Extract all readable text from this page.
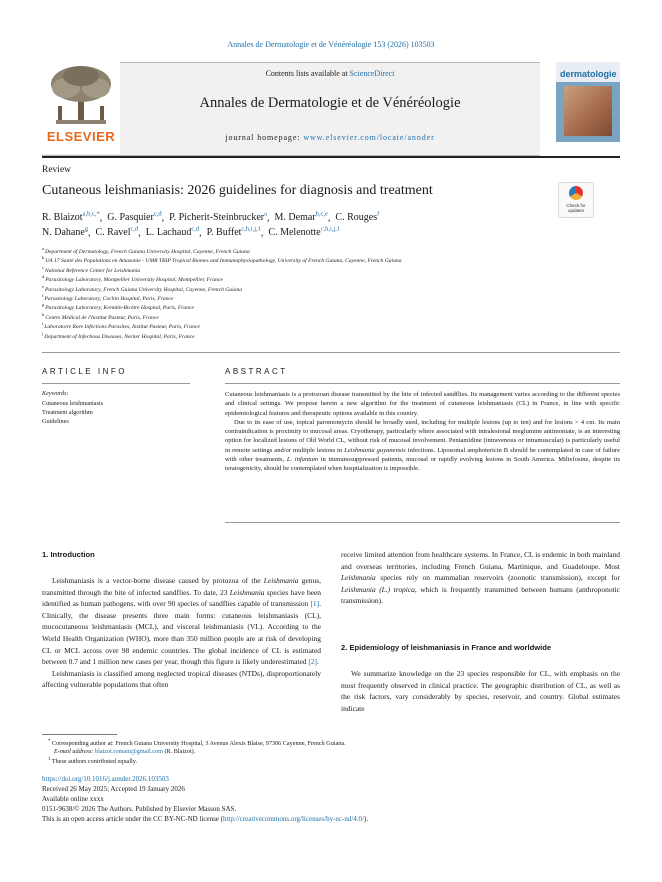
Annales de Dermatologie et de Vénéréologie 153 (2026) 103503
ELSEVIER
Contents lists available at ScienceDirect
Annales de Dermatologie et de Vénéréologie
journal homepage: www.elsevier.com/locate/annder
dermatologie
Review
Cutaneous leishmaniasis: 2026 guidelines for diagnosis and treatment
Check for updates
R. Blaizot$^{a,b,c,*}$,  G. Pasquier$^{c,d}$,  P. Picherit-Steinbrucker$^a$,  M. Demar$^{b,c,e}$,  C. Rouges$^f$
N. Dahane$^g$,  C. Ravel$^{c,d}$,  L. Lachaud$^{c,d}$,  P. Buffet$^{c,h,i,j,1}$,  C. Melenotte$^{c,h,i,j,1}$
$^a$Department of Dermatology, French Guiana University Hospital, Cayenne, French Guiana
$^b$UA 17 Santé des Populations en Amazonie - UMR TBIP Tropical Biomes and Immunophysiopathology, University of French Guiana, Cayenne, French Guiana
$^c$National Reference Center for Leishmania
$^d$Parasitology Laboratory, Montpellier University Hospital, Montpellier, France
$^e$Parasitology Laboratory, French Guiana University Hospital, Cayenne, French Guiana
$^f$Parasitology Laboratory, Cochin Hospital, Paris, France
$^g$Parasitology Laboratory, Kremlin-Bicêtre Hospital, Paris, France
$^h$Centre Médical de l'Institut Pasteur, Paris, France
$^i$Laboratoire Rare Infections Parasites, Institut Pasteur, Paris, France
$^j$Department of Infectious Diseases, Necker Hospital, Paris, France
ARTICLE INFO
Keywords:
Cutaneous leishmaniasis
Treatment algorithm
Guidelines
ABSTRACT

Cutaneous leishmaniasis is a protozoan disease transmitted by the bite of infected sandflies. Its management varies according to the different species and clinical settings. We propose herein a new algorithm for the treatment of cutaneous leishmaniasis (CL) in France, in line with specific epidemiological features and therapeutic options available in this country.

Due to its ease of use, topical paromomycin should be broadly used, including for multiple lesions (up to ten) and for lesions > 4 cm. Its main contraindication is proximity to mucosal areas. Cryotherapy, particularly where associated with intralesional meglumine antimoniate, is an interesting option for localized lesions of Old World CL, without risk of mucosal involvement. Pentamidine (intravenous or intramuscular) is particularly useful in remote settings and/or multiple lesions in Leishmania guyanensis infections. Liposomal amphotericin B should be contemplated in case of failure with other treatments, L. infantum in immunosuppressed patients, mucosal or rapidly evolving lesions in South America. Miltefosine, despite its teratogenicity, should be contemplated when hospitalization is impossible.

1. Introduction

Leishmaniasis is a vector-borne disease caused by protozoa of the Leishmania genus, transmitted through the bite of infected sandflies. To date, 23 Leishmania species have been identified as human pathogens, with over 90 species of sandflies capable of transmission [1]. Clinically, the disease presents three main forms: cutaneous leishmaniasis (CL), mucocutaneous leishmaniasis (MCL), and visceral leishmaniasis (VL). According to the World Health Organization (WHO), more than 350 million people are at risk of developing CL or MCL across over 98 endemic countries. The global incidence of CL is estimated between 0.7 and 1 million new cases per year, though this figure is likely underestimated [2].

Leishmaniasis is classified among neglected tropical diseases (NTDs), disproportionately affecting vulnerable populations that often

receive limited attention from healthcare systems. In France, CL is endemic in both mainland and overseas territories, including French Guiana, Martinique, and Guadeloupe. Most Leishmania species rely on mammalian reservoirs (zoonotic transmission), except for Leishmania (L.) tropica, which is frequently transmitted between humans (anthroponotic transmission).

2. Epidemiology of leishmaniasis in France and worldwide

We summarize knowledge on the 23 species responsible for CL, with emphasis on the most frequently observed in clinical practice. The geographic distribution of CL, as well as the risk factors, vary considerably by species, reservoir, and country. Global estimates indicate

* Corresponding author at: French Guiana University Hospital, 3 Avenue Alexis Blaise, 97306 Cayenne, French Guiana.
E-mail address: blaizot.romain@gmail.com (R. Blaizot).
$^1$ These authors contributed equally.
https://doi.org/10.1016/j.annder.2026.103503
Received 26 May 2025; Accepted 19 January 2026
Available online xxxx
0151-9638/© 2026 The Authors. Published by Elsevier Masson SAS.
This is an open access article under the CC BY-NC-ND license (http://creativecommons.org/licenses/by-nc-nd/4.0/).
